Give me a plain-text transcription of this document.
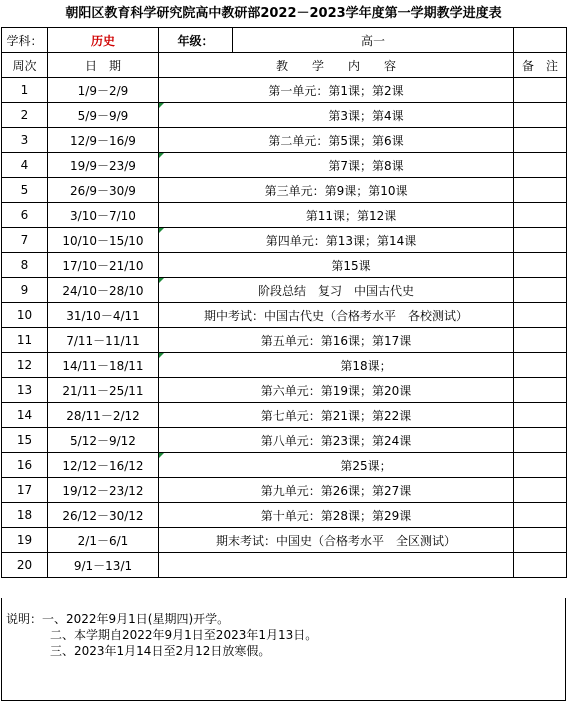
朝阳区教育科学研究院高中教研部2022－2023学年度第一学期教学进度表
学科：	历史	年级：	高一	
周次	日　期	教　　学　　内　　容		备　注
1	1/9－2/9	第一单元：第1课；第2课		
2	5/9－9/9	第3课；第4课		
3	12/9－16/9	第二单元：第5课；第6课		
4	19/9－23/9	第7课；第8课		
5	26/9－30/9	第三单元：第9课；第10课		
6	3/10－7/10	第11课；第12课		
7	10/10－15/10	第四单元：第13课；第14课		
8	17/10－21/10	第15课		
9	24/10－28/10	阶段总结　复习　中国古代史		
10	31/10－4/11	期中考试：中国古代史（合格考水平　各校测试）		
11	7/11－11/11	第五单元：第16课；第17课		
12	14/11－18/11	第18课；		
13	21/11－25/11	第六单元：第19课；第20课		
14	28/11－2/12	第七单元：第21课；第22课		
15	5/12－9/12	第八单元：第23课；第24课		
16	12/12－16/12	第25课；		
17	19/12－23/12	第九单元：第26课；第27课		
18	26/12－30/12	第十单元：第28课；第29课		
19	2/1－6/1	期末考试：中国史（合格考水平　全区测试）		
20	9/1－13/1			
说明：一、2022年9月1日(星期四)开学。
二、本学期自2022年9月1日至2023年1月13日。
三、2023年1月14日至2月12日放寒假。
